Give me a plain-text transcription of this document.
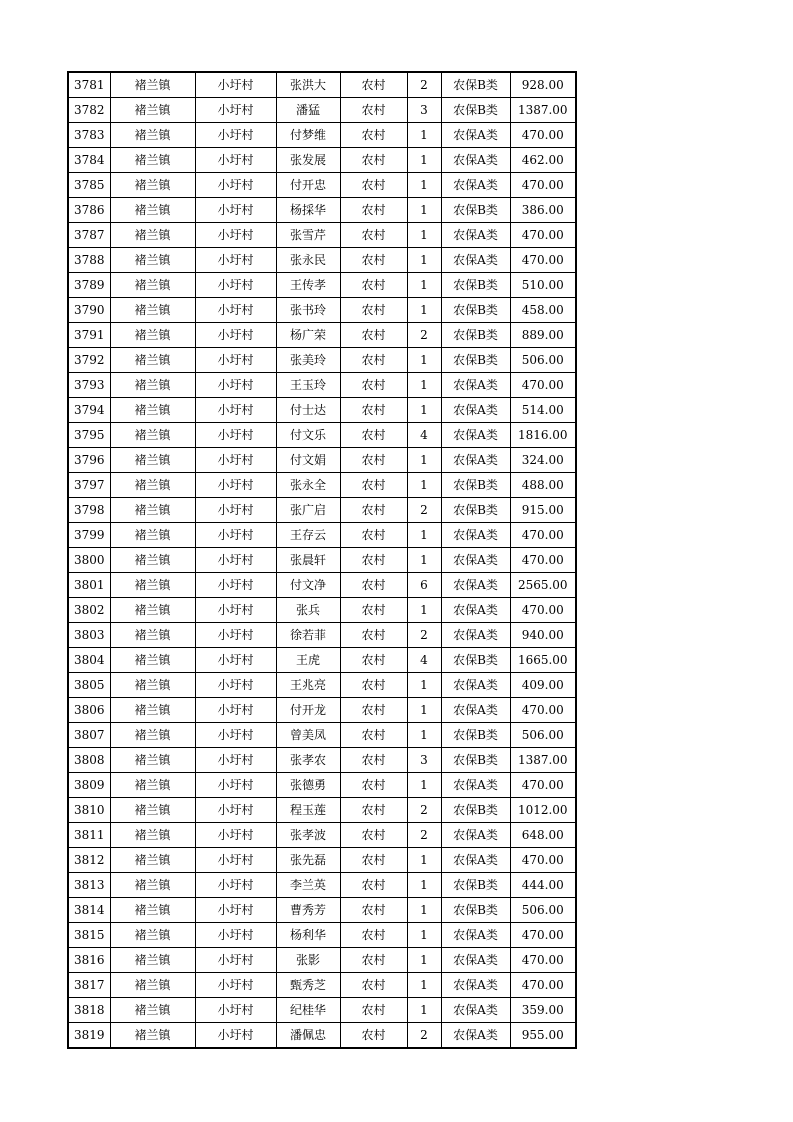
3781	褚兰镇	小圩村	张洪大	农村	2	农保B类	928.00
3782	褚兰镇	小圩村	潘猛	农村	3	农保B类	1387.00
3783	褚兰镇	小圩村	付梦维	农村	1	农保A类	470.00
3784	褚兰镇	小圩村	张发展	农村	1	农保A类	462.00
3785	褚兰镇	小圩村	付开忠	农村	1	农保A类	470.00
3786	褚兰镇	小圩村	杨採华	农村	1	农保B类	386.00
3787	褚兰镇	小圩村	张雪芹	农村	1	农保A类	470.00
3788	褚兰镇	小圩村	张永民	农村	1	农保A类	470.00
3789	褚兰镇	小圩村	王传孝	农村	1	农保B类	510.00
3790	褚兰镇	小圩村	张书玲	农村	1	农保B类	458.00
3791	褚兰镇	小圩村	杨广荣	农村	2	农保B类	889.00
3792	褚兰镇	小圩村	张美玲	农村	1	农保B类	506.00
3793	褚兰镇	小圩村	王玉玲	农村	1	农保A类	470.00
3794	褚兰镇	小圩村	付士达	农村	1	农保A类	514.00
3795	褚兰镇	小圩村	付文乐	农村	4	农保A类	1816.00
3796	褚兰镇	小圩村	付文娟	农村	1	农保A类	324.00
3797	褚兰镇	小圩村	张永全	农村	1	农保B类	488.00
3798	褚兰镇	小圩村	张广启	农村	2	农保B类	915.00
3799	褚兰镇	小圩村	王存云	农村	1	农保A类	470.00
3800	褚兰镇	小圩村	张晨轩	农村	1	农保A类	470.00
3801	褚兰镇	小圩村	付文净	农村	6	农保A类	2565.00
3802	褚兰镇	小圩村	张兵	农村	1	农保A类	470.00
3803	褚兰镇	小圩村	徐若菲	农村	2	农保A类	940.00
3804	褚兰镇	小圩村	王虎	农村	4	农保B类	1665.00
3805	褚兰镇	小圩村	王兆亮	农村	1	农保A类	409.00
3806	褚兰镇	小圩村	付开龙	农村	1	农保A类	470.00
3807	褚兰镇	小圩村	曾美凤	农村	1	农保B类	506.00
3808	褚兰镇	小圩村	张孝农	农村	3	农保B类	1387.00
3809	褚兰镇	小圩村	张德勇	农村	1	农保A类	470.00
3810	褚兰镇	小圩村	程玉莲	农村	2	农保B类	1012.00
3811	褚兰镇	小圩村	张孝波	农村	2	农保A类	648.00
3812	褚兰镇	小圩村	张先磊	农村	1	农保A类	470.00
3813	褚兰镇	小圩村	李兰英	农村	1	农保B类	444.00
3814	褚兰镇	小圩村	曹秀芳	农村	1	农保B类	506.00
3815	褚兰镇	小圩村	杨利华	农村	1	农保A类	470.00
3816	褚兰镇	小圩村	张影	农村	1	农保A类	470.00
3817	褚兰镇	小圩村	甄秀芝	农村	1	农保A类	470.00
3818	褚兰镇	小圩村	纪桂华	农村	1	农保A类	359.00
3819	褚兰镇	小圩村	潘佩忠	农村	2	农保A类	955.00
